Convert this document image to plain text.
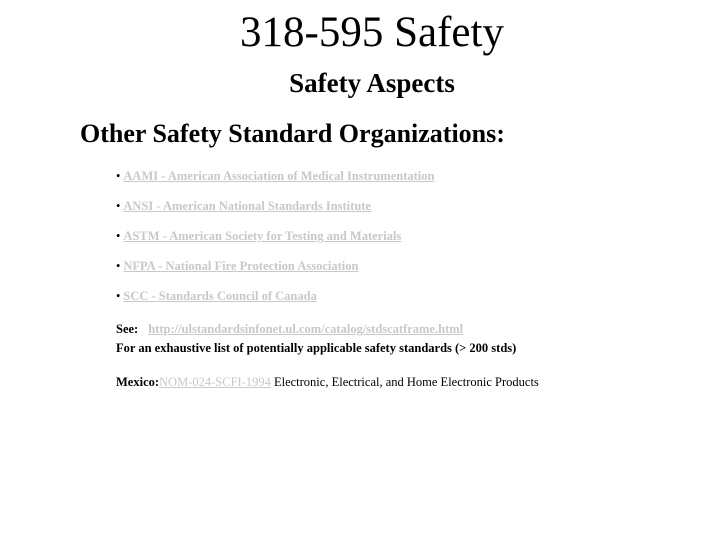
318-595 Safety
Safety Aspects
Other Safety Standard Organizations:
• AAMI - American Association of Medical Instrumentation
• ANSI - American National Standards Institute
• ASTM - American Society for Testing and Materials
• NFPA - National Fire Protection Association
• SCC - Standards Council of Canada
See: http://ulstandardsinfonet.ul.com/catalog/stdscatframe.html
For an exhaustive list of potentially applicable safety standards (> 200 stds)
Mexico:NOM-024-SCFI-1994 Electronic, Electrical, and Home Electronic Products
